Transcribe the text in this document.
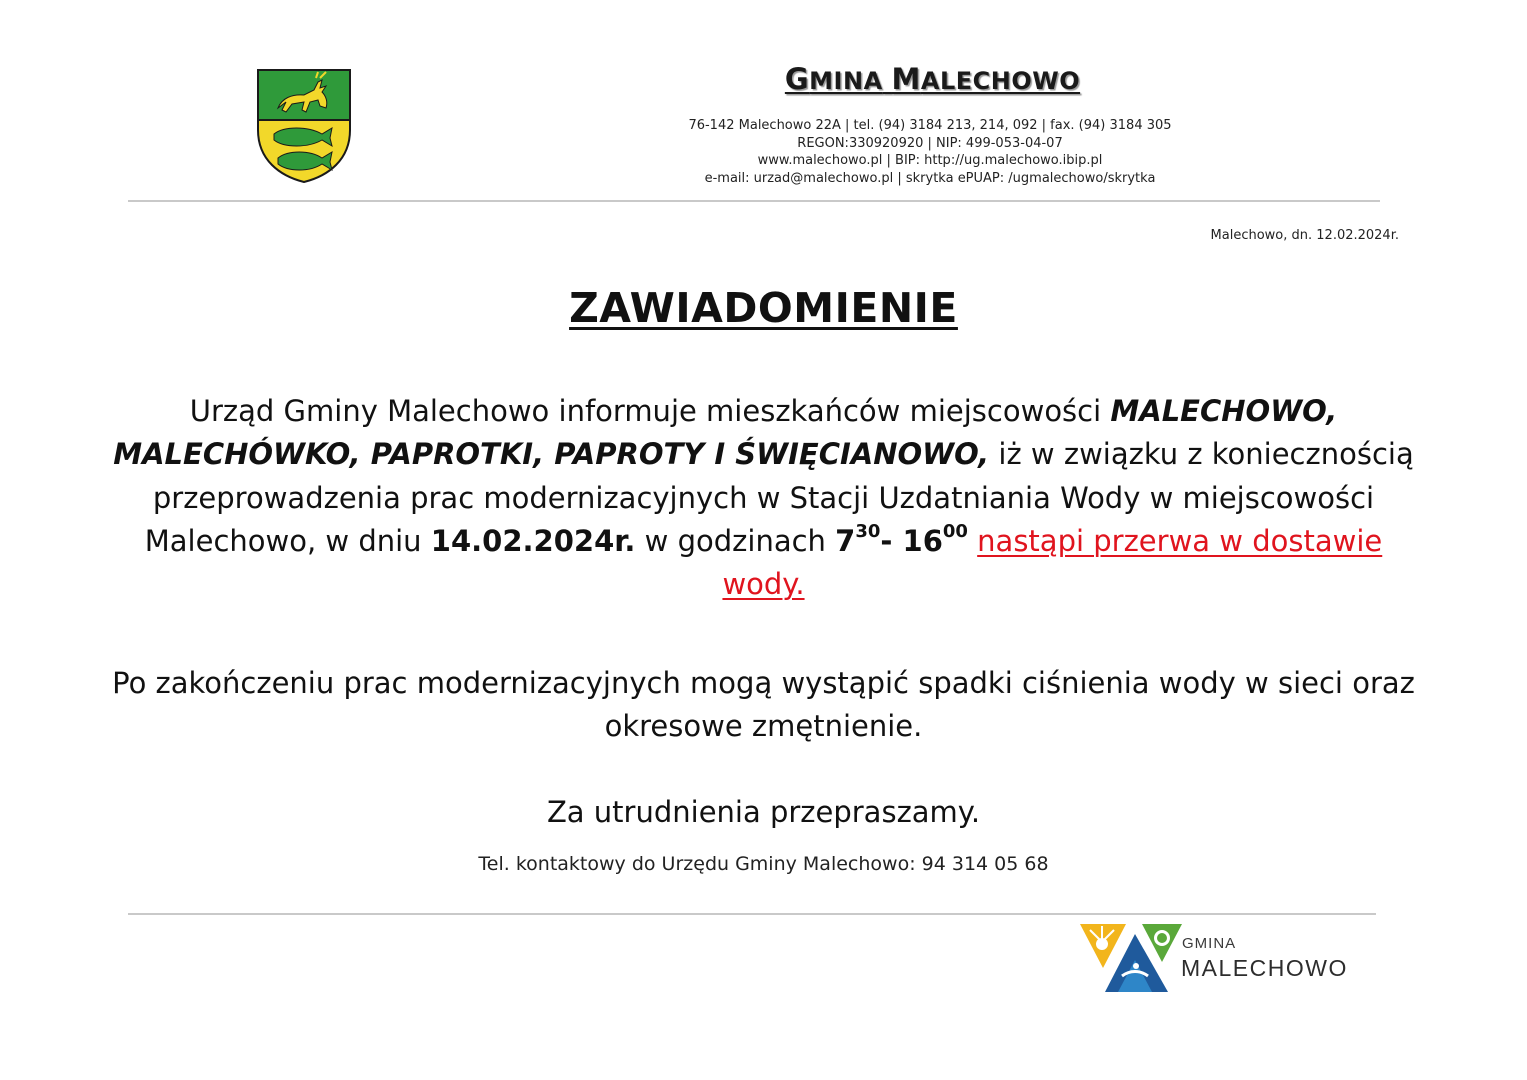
GMINA MALECHOWO
76-142 Malechowo 22A | tel. (94) 3184 213, 214, 092 | fax. (94) 3184 305
REGON:330920920 | NIP: 499-053-04-07
www.malechowo.pl | BIP: http://ug.malechowo.ibip.pl
e-mail: urzad@malechowo.pl | skrytka ePUAP: /ugmalechowo/skrytka
Malechowo, dn. 12.02.2024r.
ZAWIADOMIENIE
Urząd Gminy Malechowo informuje mieszkańców miejscowości MALECHOWO, MALECHÓWKO, PAPROTKI, PAPROTY I ŚWIĘCIANOWO, iż w związku z koniecznością przeprowadzenia prac modernizacyjnych w Stacji Uzdatniania Wody w miejscowości Malechowo, w dniu 14.02.2024r. w godzinach $7^{30}-$ $16^{00}$ nastąpi przerwa w dostawie wody.
Po zakończeniu prac modernizacyjnych mogą wystąpić spadki ciśnienia wody w sieci oraz okresowe zmętnienie.
Za utrudnienia przepraszamy.
Tel. kontaktowy do Urzędu Gminy Malechowo: 94 314 05 68
GMINA
MALECHOWO
